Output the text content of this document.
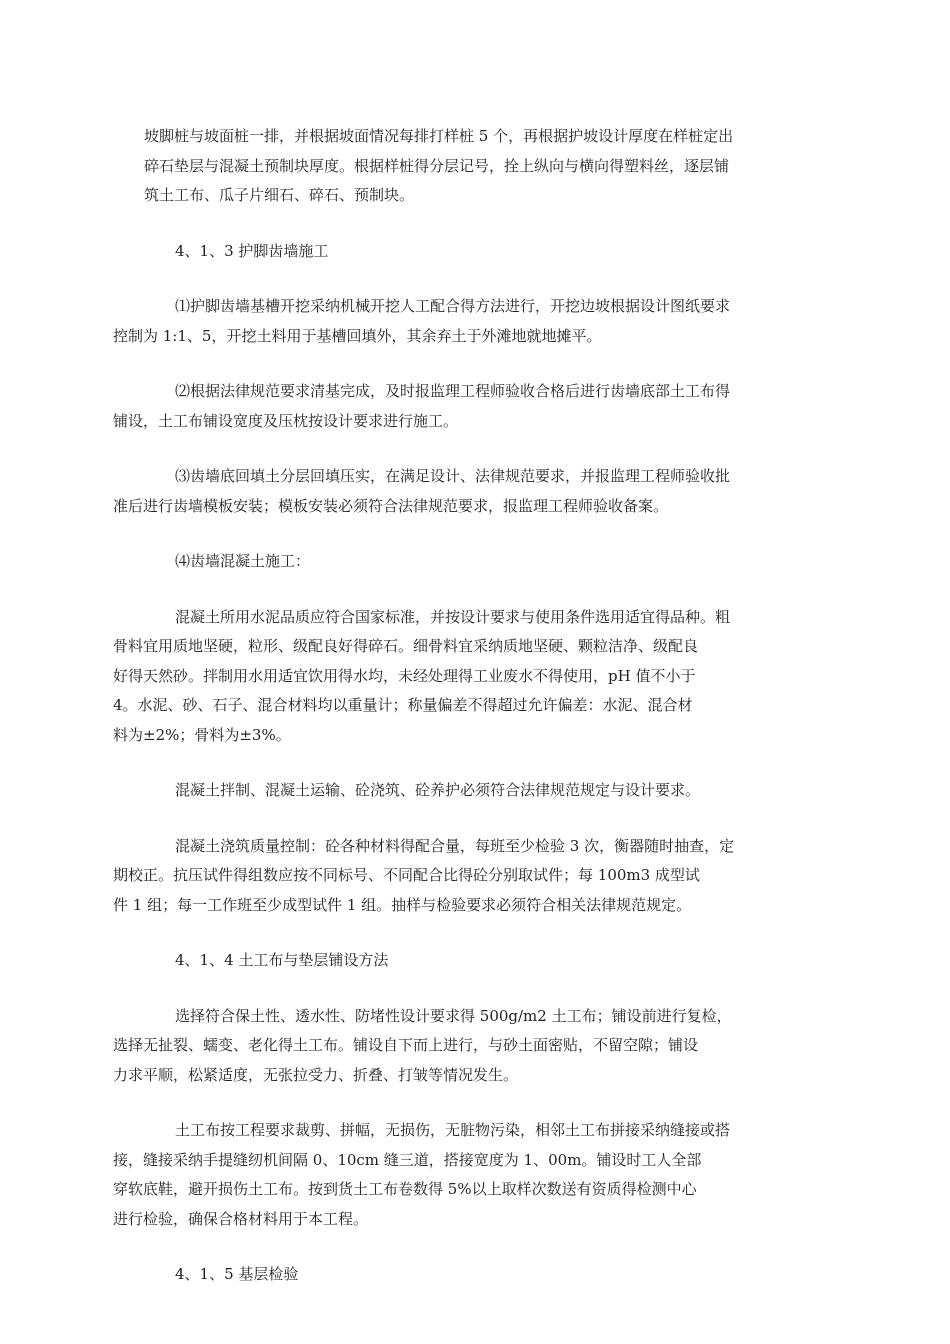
坡脚桩与坡面桩一排，并根据坡面情况每排打样桩 5 个，再根据护坡设计厚度在样桩定出
碎石垫层与混凝土预制块厚度。根据样桩得分层记号，拴上纵向与横向得塑料丝，逐层铺
筑土工布、瓜子片细石、碎石、预制块。

4、1、3 护脚齿墙施工

⑴护脚齿墙基槽开挖采纳机械开挖人工配合得方法进行，开挖边坡根据设计图纸要求
控制为 1:1、5，开挖土料用于基槽回填外，其余弃土于外滩地就地摊平。

⑵根据法律规范要求清基完成，及时报监理工程师验收合格后进行齿墙底部土工布得
铺设，土工布铺设宽度及压枕按设计要求进行施工。

⑶齿墙底回填土分层回填压实，在满足设计、法律规范要求，并报监理工程师验收批
准后进行齿墙模板安装；模板安装必须符合法律规范要求，报监理工程师验收备案。

⑷齿墙混凝土施工：

混凝土所用水泥品质应符合国家标准，并按设计要求与使用条件选用适宜得品种。粗
骨料宜用质地坚硬，粒形、级配良好得碎石。细骨料宜采纳质地坚硬、颗粒洁净、级配良
好得天然砂。拌制用水用适宜饮用得水均，未经处理得工业废水不得使用，pH 值不小于
4。水泥、砂、石子、混合材料均以重量计；称量偏差不得超过允许偏差：水泥、混合材
料为±2%；骨料为±3%。

混凝土拌制、混凝土运输、砼浇筑、砼养护必须符合法律规范规定与设计要求。

混凝土浇筑质量控制：砼各种材料得配合量，每班至少检验 3 次，衡器随时抽查，定
期校正。抗压试件得组数应按不同标号、不同配合比得砼分别取试件；每 100m3 成型试
件 1 组；每一工作班至少成型试件 1 组。抽样与检验要求必须符合相关法律规范规定。

4、1、4 土工布与垫层铺设方法

选择符合保土性、透水性、防堵性设计要求得 500g/m2 土工布；铺设前进行复检，
选择无扯裂、蠕变、老化得土工布。铺设自下而上进行，与砂土面密贴，不留空隙；铺设
力求平顺，松紧适度，无张拉受力、折叠、打皱等情况发生。

土工布按工程要求裁剪、拼幅，无损伤，无脏物污染，相邻土工布拼接采纳缝接或搭
接，缝接采纳手提缝纫机间隔 0、10cm 缝三道，搭接宽度为 1、00m。铺设时工人全部
穿软底鞋，避开损伤土工布。按到货土工布卷数得 5%以上取样次数送有资质得检测中心
进行检验，确保合格材料用于本工程。

4、1、5 基层检验
